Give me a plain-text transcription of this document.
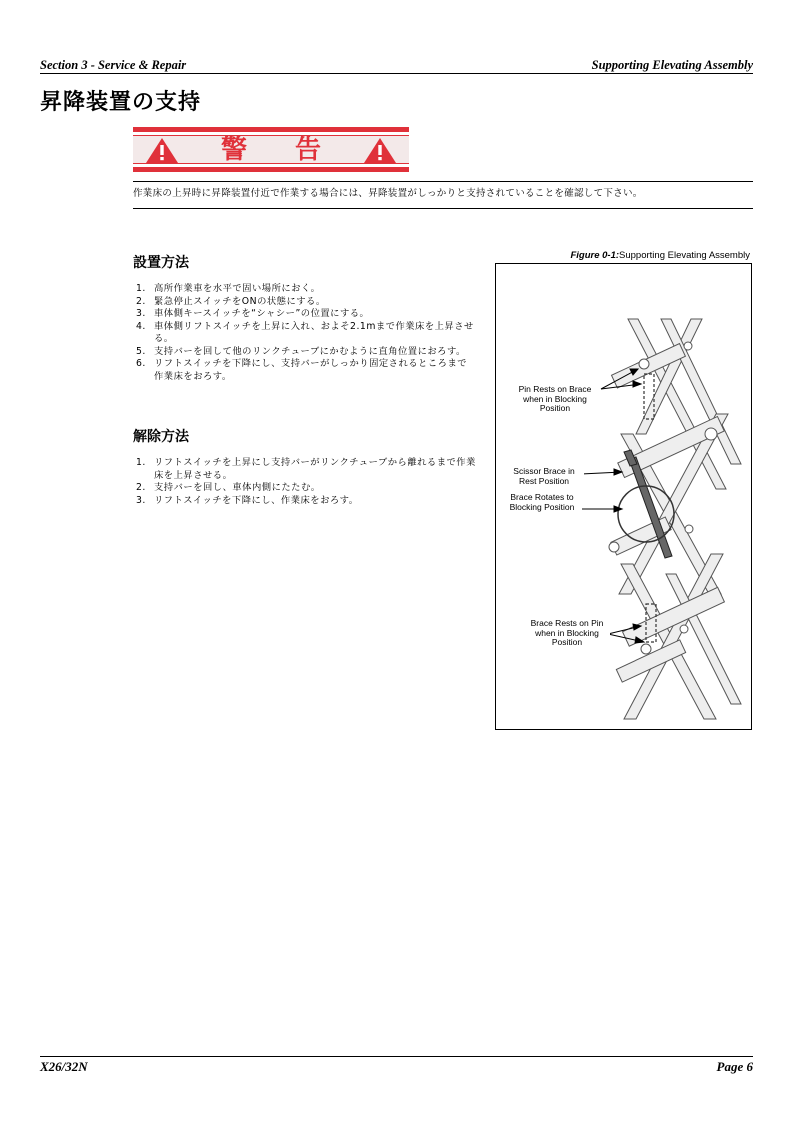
Section 3 - Service & Repair	Supporting Elevating Assembly
昇降装置の支持
警 告
作業床の上昇時に昇降装置付近で作業する場合には、昇降装置がしっかりと支持されていることを確認して下さい。
設置方法
1. 高所作業車を水平で固い場所におく。
2. 緊急停止スイッチをONの状態にする。
3. 車体側キースイッチを“シャシー”の位置にする。
4. 車体側リフトスイッチを上昇に入れ、およそ2.1mまで作業床を上昇させる。
5. 支持バーを回して他のリンクチューブにかむように直角位置におろす。
6. リフトスイッチを下降にし、支持バーがしっかり固定されるところまで作業床をおろす。
解除方法
1. リフトスイッチを上昇にし支持バーがリンクチューブから離れるまで作業床を上昇させる。
2. 支持バーを回し、車体内側にたたむ。
3. リフトスイッチを下降にし、作業床をおろす。
Figure 0-1:Supporting Elevating Assembly
Pin Rests on Brace
when in Blocking
Position
Scissor Brace in
Rest Position
Brace Rotates to
Blocking Position
Brace Rests on Pin
when in Blocking
Position
X26/32N	Page 6
